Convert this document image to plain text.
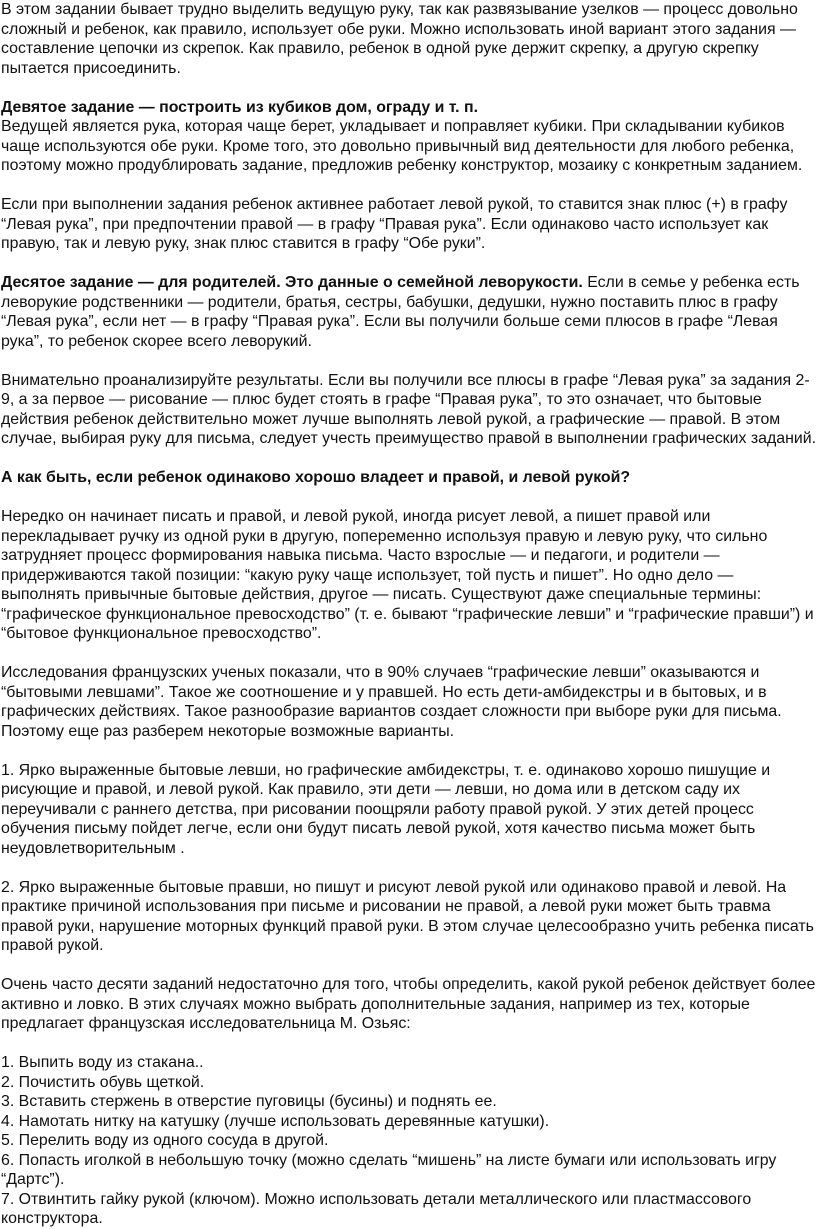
В этом задании бывает трудно выделить ведущую руку, так как развязывание узелков — процесс довольно сложный и ребенок, как правило, использует обе руки. Можно использовать иной вариант этого задания — составление цепочки из скрепок. Как правило, ребенок в одной руке держит скрепку, а другую скрепку пытается присоединить.

Девятое задание — построить из кубиков дом, ограду и т. п.

Ведущей является рука, которая чаще берет, укладывает и поправляет кубики. При складывании кубиков чаще используются обе руки. Кроме того, это довольно привычный вид деятельности для любого ребенка, поэтому можно продублировать задание, предложив ребенку конструктор, мозаику с конкретным заданием.

Если при выполнении задания ребенок активнее работает левой рукой, то ставится знак плюс (+) в графу “Левая рука”, при предпочтении правой — в графу “Правая рука”. Если одинаково часто использует как правую, так и левую руку, знак плюс ставится в графу “Обе руки”.

Десятое задание — для родителей. Это данные о семейной леворукости. Если в семье у ребенка есть леворукие родственники — родители, братья, сестры, бабушки, дедушки, нужно поставить плюс в графу “Левая рука”, если нет — в графу “Правая рука”. Если вы получили больше семи плюсов в графе “Левая рука”, то ребенок скорее всего леворукий.

Внимательно проанализируйте результаты. Если вы получили все плюсы в графе “Левая рука” за задания 2-9, а за первое — рисование — плюс будет стоять в графе “Правая рука”, то это означает, что бытовые действия ребенок действительно может лучше выполнять левой рукой, а графические — правой. В этом случае, выбирая руку для письма, следует учесть преимущество правой в выполнении графических заданий.

А как быть, если ребенок одинаково хорошо владеет и правой, и левой рукой?

Нередко он начинает писать и правой, и левой рукой, иногда рисует левой, а пишет правой или перекладывает ручку из одной руки в другую, попеременно используя правую и левую руку, что сильно затрудняет процесс формирования навыка письма. Часто взрослые — и педагоги, и родители — придерживаются такой позиции: “какую руку чаще использует, той пусть и пишет”. Но одно дело — выполнять привычные бытовые действия, другое — писать. Существуют даже специальные термины: “графическое функциональное превосходство” (т. е. бывают “графические левши” и “графические правши”) и “бытовое функциональное превосходство”.

Исследования французских ученых показали, что в 90% случаев “графические левши” оказываются и “бытовыми левшами”. Такое же соотношение и у правшей. Но есть дети-амбидекстры и в бытовых, и в графических действиях. Такое разнообразие вариантов создает сложности при выборе руки для письма. Поэтому еще раз разберем некоторые возможные варианты.

1. Ярко выраженные бытовые левши, но графические амбидекстры, т. е. одинаково хорошо пишущие и рисующие и правой, и левой рукой. Как правило, эти дети — левши, но дома или в детском саду их переучивали с раннего детства, при рисовании поощряли работу правой рукой. У этих детей процесс обучения письму пойдет легче, если они будут писать левой рукой, хотя качество письма может быть неудовлетворительным .

2. Ярко выраженные бытовые правши, но пишут и рисуют левой рукой или одинаково правой и левой. На практике причиной использования при письме и рисовании не правой, а левой руки может быть травма правой руки, нарушение моторных функций правой руки. В этом случае целесообразно учить ребенка писать правой рукой.

Очень часто десяти заданий недостаточно для того, чтобы определить, какой рукой ребенок действует более активно и ловко. В этих случаях можно выбрать дополнительные задания, например из тех, которые предлагает французская исследовательница М. Озьяс:

1. Выпить воду из стакана..

2. Почистить обувь щеткой.

3. Вставить стержень в отверстие пуговицы (бусины) и поднять ее.

4. Намотать нитку на катушку (лучше использовать деревянные катушки).

5. Перелить воду из одного сосуда в другой.

6. Попасть иголкой в небольшую точку (можно сделать “мишень” на листе бумаги или использовать игру “Дартс”).

7. Отвинтить гайку рукой (ключом). Можно использовать детали металлического или пластмассового конструктора.
